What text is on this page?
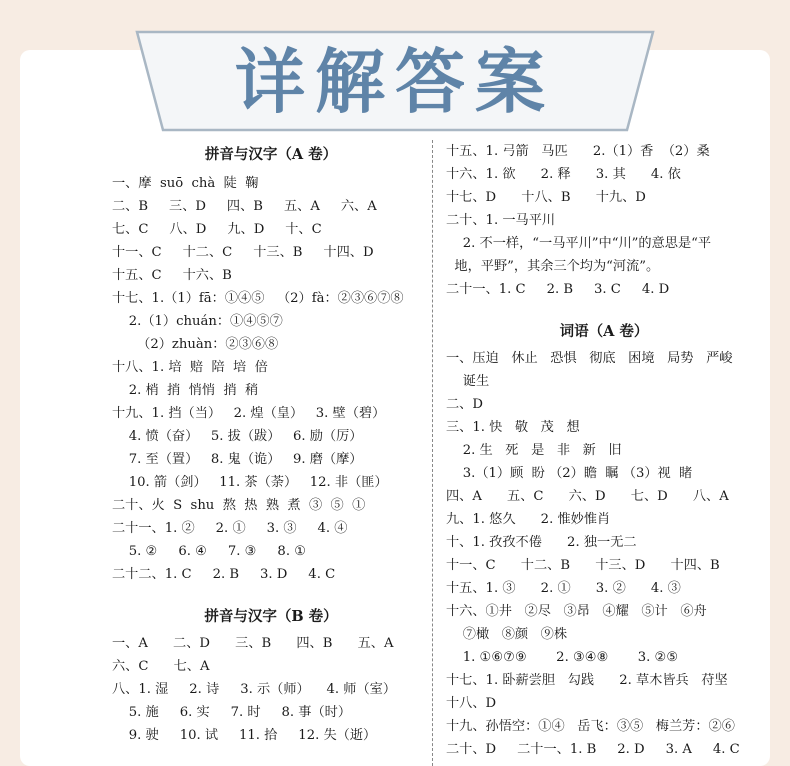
详解答案
拼音与汉字（A 卷）
一、摩  suō  chà  陡  鞠
二、B     三、D     四、B     五、A     六、A
七、C     八、D     九、D     十、C
十一、C     十二、C     十三、B     十四、D
十五、C     十六、B
十七、1.（1）fā：①④⑤   （2）fà：②③⑥⑦⑧
2.（1）chuán：①④⑤⑦
（2）zhuàn：②③⑥⑧
十八、1. 培  赔  陪  培  倍
2. 梢  捎  悄悄  捎  稍
十九、1. 挡（当）   2. 煌（皇）   3. 壁（碧）
4. 愤（奋）   5. 拔（跋）   6. 励（厉）
7. 至（置）   8. 鬼（诡）   9. 磨（摩）
10. 箭（剑）   11. 茶（荼）   12. 非（匪）
二十、火  S  shu  熬  热  熟  煮  ③  ⑤  ①
二十一、1. ②     2. ①     3. ③     4. ④
5. ②     6. ④     7. ③     8. ①
二十二、1. C     2. B     3. D     4. C
拼音与汉字（B 卷）
一、A      二、D      三、B      四、B      五、A
六、C      七、A
八、1. 湿     2. 诗     3. 示（师）    4. 师（室）
5. 施     6. 实     7. 时     8. 事（时）
9. 驶     10. 试     11. 拾     12. 失（逝）
十五、1. 弓箭   马匹      2.（1）香  （2）桑
十六、1. 欲      2. 释      3. 其      4. 依
十七、D      十八、B      十九、D
二十、1. 一马平川
2. 不一样，“一马平川”中“川”的意思是“平
地，平野”，其余三个均为“河流”。
二十一、1. C     2. B     3. C     4. D
词语（A 卷）
一、压迫   休止   恐惧   彻底   困境   局势   严峻
诞生
二、D
三、1. 快   敬   茂   想
2. 生   死   是   非   新   旧
3.（1）顾  盼 （2）瞻  瞩 （3）视  睹
四、A      五、C      六、D      七、D      八、A
九、1. 悠久      2. 惟妙惟肖
十、1. 孜孜不倦      2. 独一无二
十一、C      十二、B      十三、D      十四、B
十五、1. ③      2. ①      3. ②      4. ③
十六、①井   ②尽   ③昂   ④耀   ⑤计   ⑥舟
⑦橄   ⑧颜   ⑨株
1. ①⑥⑦⑨       2. ③④⑧       3. ②⑤
十七、1. 卧薪尝胆   勾践      2. 草木皆兵   苻坚
十八、D
十九、孙悟空：①④   岳飞：③⑤   梅兰芳：②⑥
二十、D     二十一、1. B     2. D     3. A     4. C
